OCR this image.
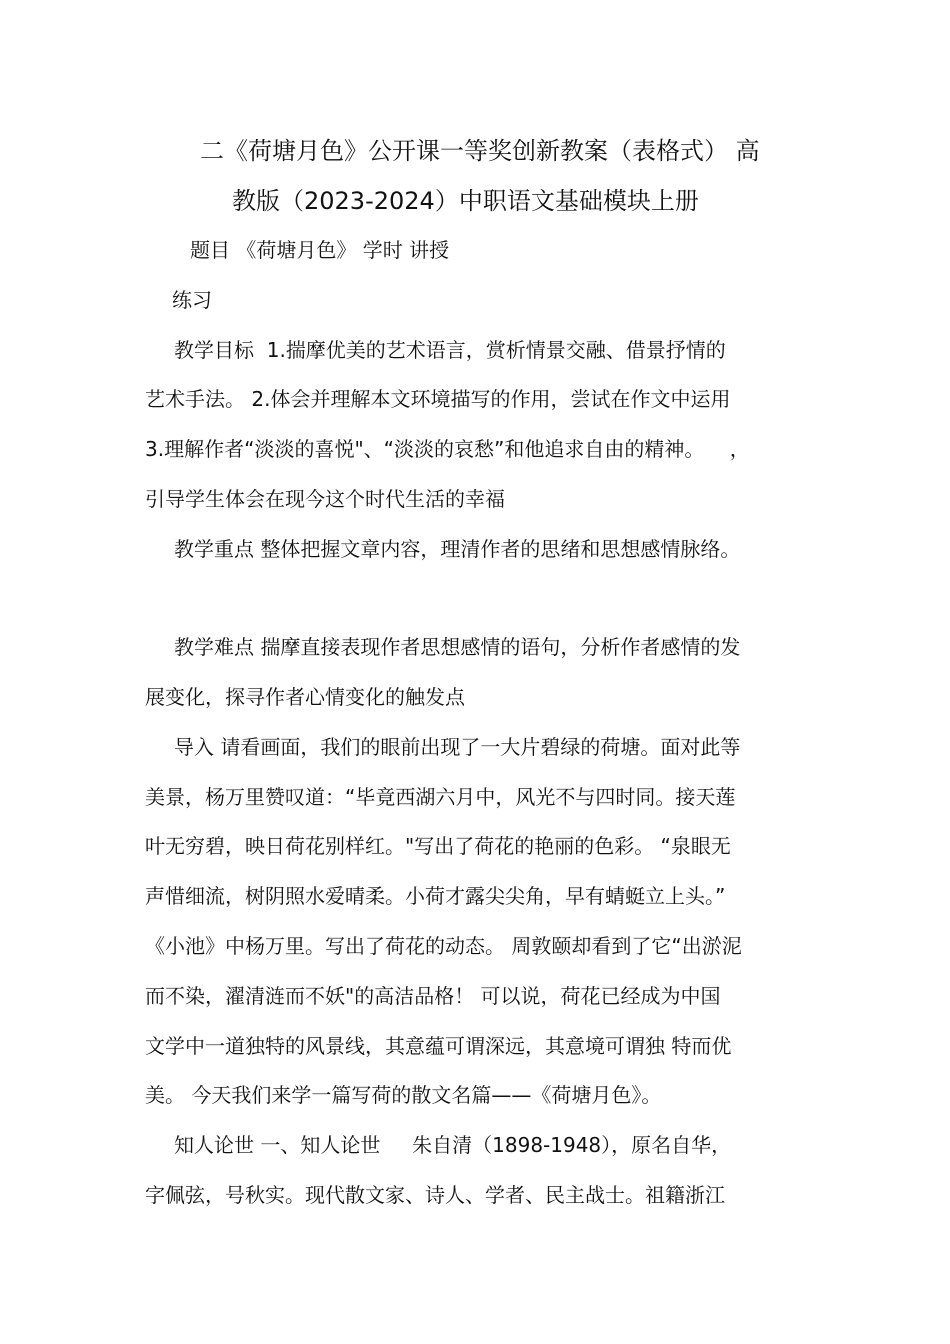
二《荷塘月色》公开课一等奖创新教案（表格式） 高
教版（2023-2024）中职语文基础模块上册
题目 《荷塘月色》 学时 讲授
练习
教学目标  1.揣摩优美的艺术语言，赏析情景交融、借景抒情的
艺术手法。 2.体会并理解本文环境描写的作用，尝试在作文中运用
3.理解作者“淡淡的喜悦"、“淡淡的哀愁”和他追求自由的精神。    ，
引导学生体会在现今这个时代生活的幸福
教学重点 整体把握文章内容，理清作者的思绪和思想感情脉络。
教学难点 揣摩直接表现作者思想感情的语句，分析作者感情的发
展变化，探寻作者心情变化的触发点
导入 请看画面，我们的眼前出现了一大片碧绿的荷塘。面对此等
美景，杨万里赞叹道：“毕竟西湖六月中，风光不与四时同。接天莲
叶无穷碧，映日荷花别样红。"写出了荷花的艳丽的色彩。 “泉眼无
声惜细流，树阴照水爱晴柔。小荷才露尖尖角，早有蜻蜓立上头。”
《小池》中杨万里。写出了荷花的动态。 周敦颐却看到了它“出淤泥
而不染，濯清涟而不妖"的高洁品格！ 可以说，荷花已经成为中国
文学中一道独特的风景线，其意蕴可谓深远，其意境可谓独 特而优
美。 今天我们来学一篇写荷的散文名篇——《荷塘月色》。
知人论世 一、知人论世     朱自清（1898-1948），原名自华，
字佩弦，号秋实。现代散文家、诗人、学者、民主战士。祖籍浙江
